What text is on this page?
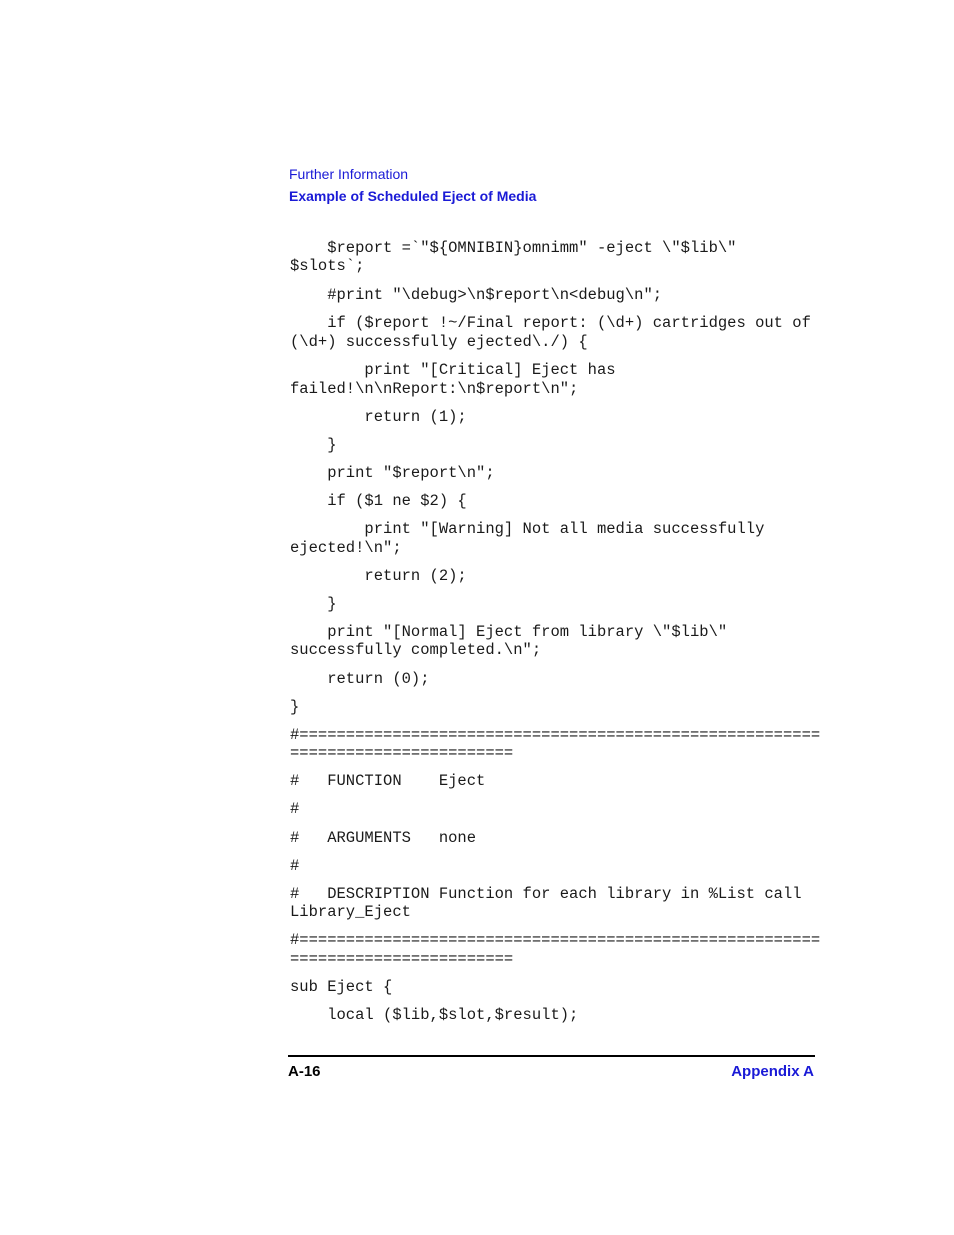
Further Information
Example of Scheduled Eject of Media
$report =`"${OMNIBIN}omnimm" -eject \"$lib\"
$slots`;
#print "\debug>\n$report\n<debug\n";
if ($report !~/Final report: (\d+) cartridges out of
(\d+) successfully ejected\./) {
print "[Critical] Eject has
failed!\n\nReport:\n$report\n";
return (1);
}
print "$report\n";
if ($1 ne $2) {
print "[Warning] Not all media successfully
ejected!\n";
return (2);
}
print "[Normal] Eject from library \"$lib\"
successfully completed.\n";
return (0);
}
#========================================================
========================
#   FUNCTION    Eject
#
#   ARGUMENTS   none
#
#   DESCRIPTION Function for each library in %List call
Library_Eject
#========================================================
========================
sub Eject {
local ($lib,$slot,$result);
A-16	Appendix A
